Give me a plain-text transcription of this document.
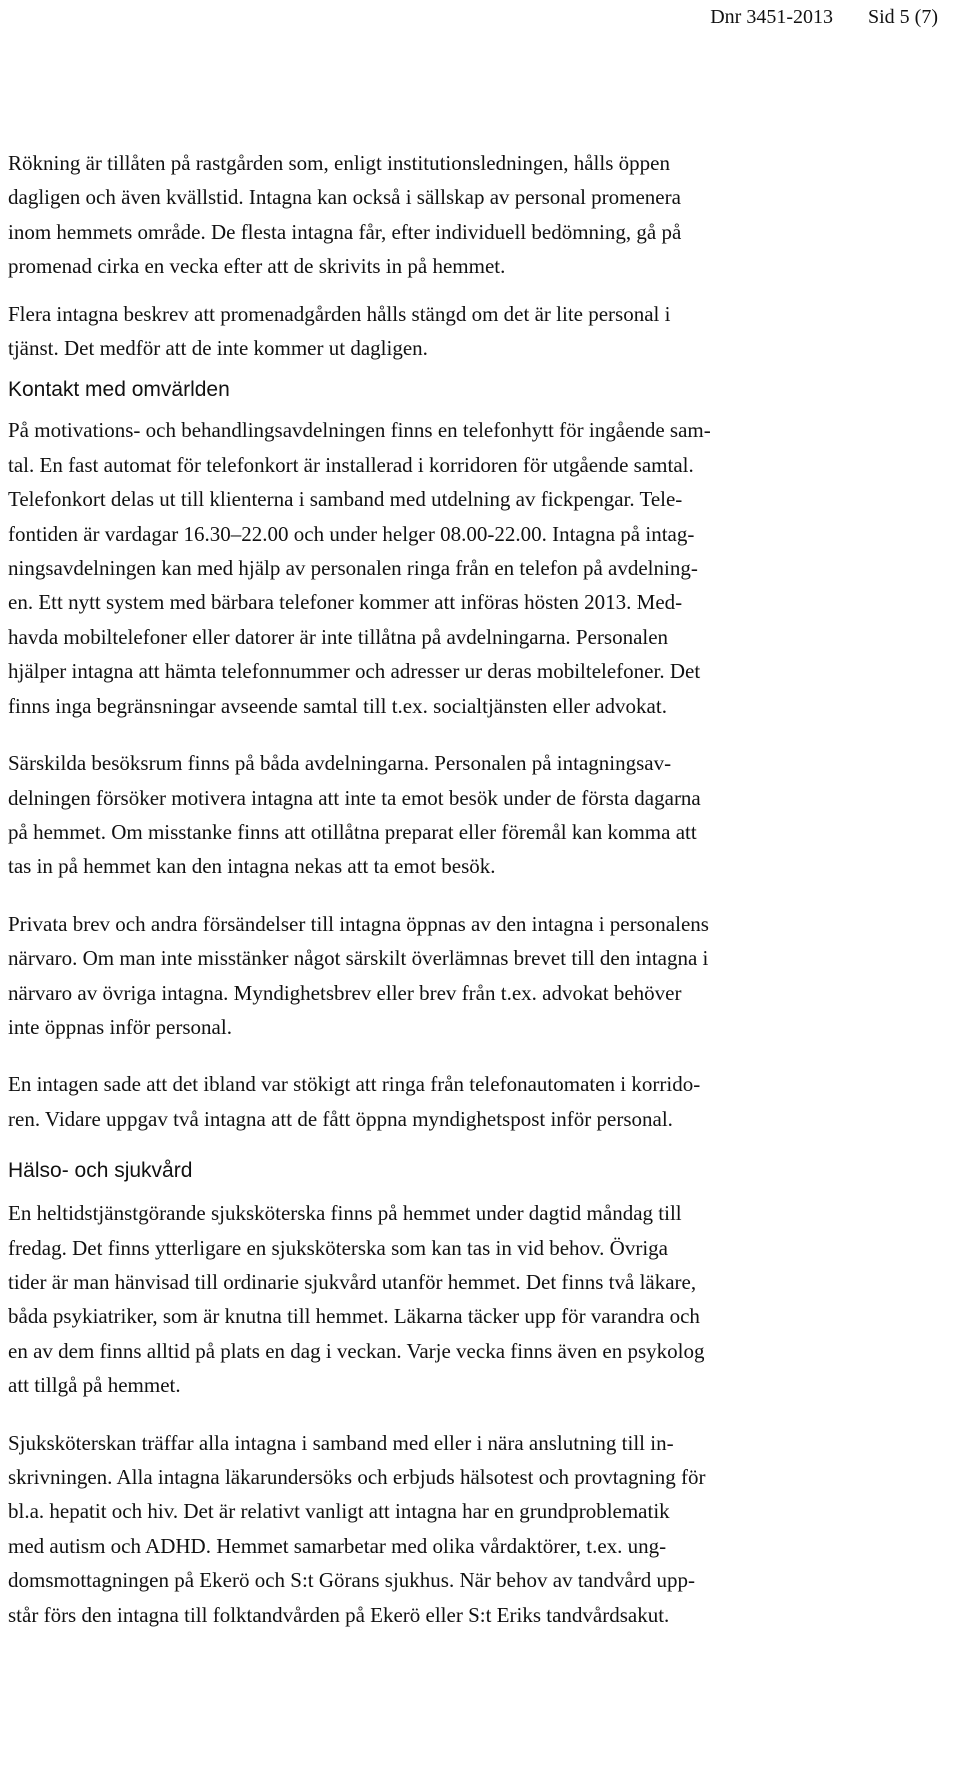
Dnr 3451-2013 Sid 5 (7)

Rökning är tillåten på rastgården som, enligt institutionsledningen, hålls öppen
dagligen och även kvällstid. Intagna kan också i sällskap av personal promenera
inom hemmets område. De flesta intagna får, efter individuell bedömning, gå på
promenad cirka en vecka efter att de skrivits in på hemmet.

Flera intagna beskrev att promenadgården hålls stängd om det är lite personal i
tjänst. Det medför att de inte kommer ut dagligen.

Kontakt med omvärlden

På motivations- och behandlingsavdelningen finns en telefonhytt för ingående sam-
tal. En fast automat för telefonkort är installerad i korridoren för utgående samtal.
Telefonkort delas ut till klienterna i samband med utdelning av fickpengar. Tele-
fontiden är vardagar 16.30–22.00 och under helger 08.00-22.00. Intagna på intag-
ningsavdelningen kan med hjälp av personalen ringa från en telefon på avdelning-
en. Ett nytt system med bärbara telefoner kommer att införas hösten 2013. Med-
havda mobiltelefoner eller datorer är inte tillåtna på avdelningarna. Personalen
hjälper intagna att hämta telefonnummer och adresser ur deras mobiltelefoner. Det
finns inga begränsningar avseende samtal till t.ex. socialtjänsten eller advokat.

Särskilda besöksrum finns på båda avdelningarna. Personalen på intagningsav-
delningen försöker motivera intagna att inte ta emot besök under de första dagarna
på hemmet. Om misstanke finns att otillåtna preparat eller föremål kan komma att
tas in på hemmet kan den intagna nekas att ta emot besök.

Privata brev och andra försändelser till intagna öppnas av den intagna i personalens
närvaro. Om man inte misstänker något särskilt överlämnas brevet till den intagna i
närvaro av övriga intagna. Myndighetsbrev eller brev från t.ex. advokat behöver
inte öppnas inför personal.

En intagen sade att det ibland var stökigt att ringa från telefonautomaten i korrido-
ren. Vidare uppgav två intagna att de fått öppna myndighetspost inför personal.

Hälso- och sjukvård

En heltidstjänstgörande sjuksköterska finns på hemmet under dagtid måndag till
fredag. Det finns ytterligare en sjuksköterska som kan tas in vid behov. Övriga
tider är man hänvisad till ordinarie sjukvård utanför hemmet. Det finns två läkare,
båda psykiatriker, som är knutna till hemmet. Läkarna täcker upp för varandra och
en av dem finns alltid på plats en dag i veckan. Varje vecka finns även en psykolog
att tillgå på hemmet.

Sjuksköterskan träffar alla intagna i samband med eller i nära anslutning till in-
skrivningen. Alla intagna läkarundersöks och erbjuds hälsotest och provtagning för
bl.a. hepatit och hiv. Det är relativt vanligt att intagna har en grundproblematik
med autism och ADHD. Hemmet samarbetar med olika vårdaktörer, t.ex. ung-
domsmottagningen på Ekerö och S:t Görans sjukhus. När behov av tandvård upp-
står förs den intagna till folktandvården på Ekerö eller S:t Eriks tandvårdsakut.
